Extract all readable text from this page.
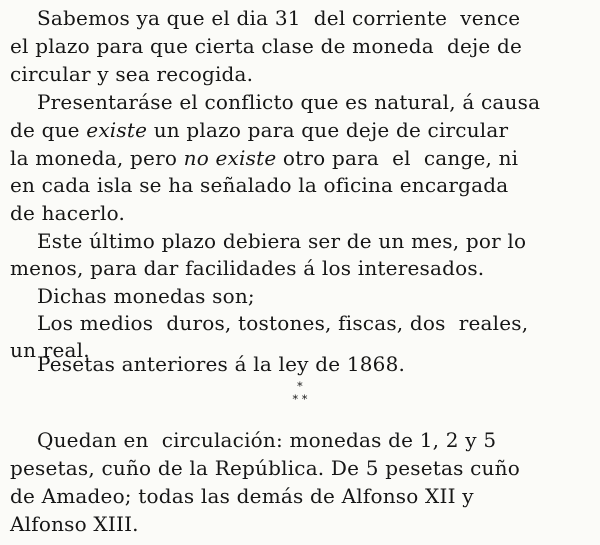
Sabemos ya que el dia 31  del corriente  vence
el plazo para que cierta clase de moneda  deje de
circular y sea recogida.
Presentaráse el conflicto que es natural, á causa
de que existe un plazo para que deje de circular
la moneda, pero no existe otro para  el  cange, ni
en cada isla se ha señalado la oficina encargada
de hacerlo.
Este último plazo debiera ser de un mes, por lo
menos, para dar facilidades á los interesados.
Dichas monedas son;
Los medios  duros, tostones, fiscas, dos  reales,
un real.
Pesetas anteriores á la ley de 1868.
*
* *
Quedan en  circulación: monedas de 1, 2 y 5
pesetas, cuño de la República. De 5 pesetas cuño
de Amadeo; todas las demás de Alfonso XII y
Alfonso XIII.
